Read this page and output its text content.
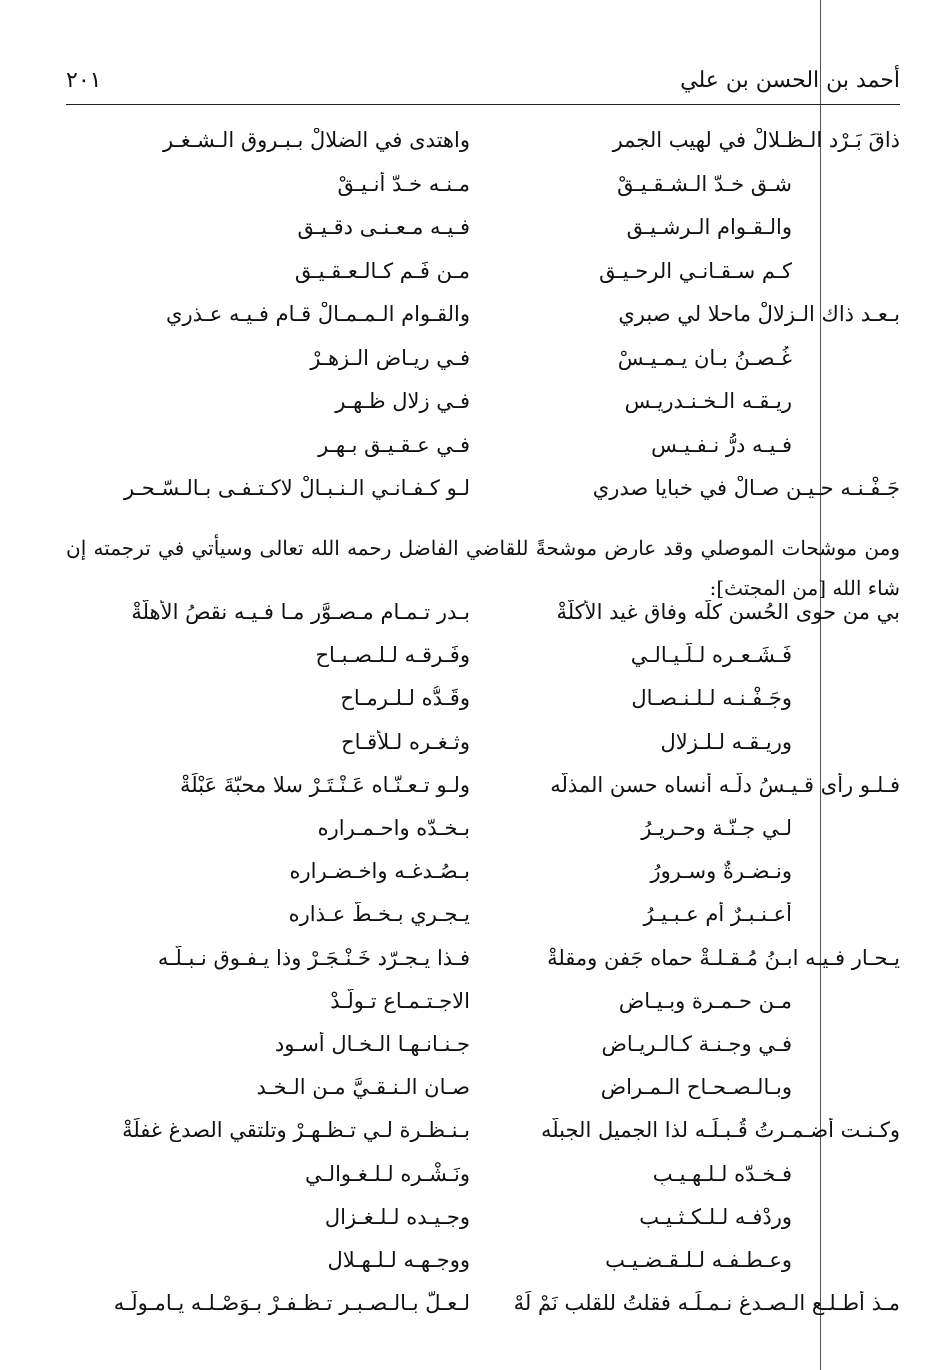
أحمد بن الحسن بن علي
٢٠١
ذاقَ بَـرْد الـظـلالْ في لهيب الجمرِ
واهتدى في الضلالْ بـبـروق الـشـغـر
شـق خـدّ الـشـقـيـقْ
مـنـه خـدّ أنـيـقْ
والـقـوام الـرشـيـق
فـيـه مـعـنـى دقـيـق
كـم سـقـانـي الرحـيـق
مـن فَـمٍ كـالـعـقـيـق
بـعـد ذاك الـزلالْ ماحلا لي صبري
والقـوام الـمـمـالْ قـام فـيـه عـذري
غُـصـنُ بـانٍ يـمـيـسْ
فـي ريـاض الـزهـرْ
ريـقـه الـخـنـدريـس
فـي زلال ظـهـر
فـيـه درُّ نـفـيـس
فـي عـقـيـقٍ بـهـر
جَـفْـنـه حـيـن صـالْ في خبايا صدري
لـو كـفـانـي الـنـبـالْ لاكـتـفـى بـالـسّـحـرِ
ومن موشحات الموصلي وقد عارض موشحةً للقاضي الفاضل رحمه الله تعالى وسيأتي في ترجمته إن شاء الله [من المجتث]:
بي من حوى الحُسن كلّه وفاق غيد الأكلّةْ
بـدر تـمـام مـصـوَّر مـا فـيـه نقصُ الأهلّةْ
فَـشَـعـره لـلّـيـالـي
وفَـرقـه لـلـصـبـاحِ
وجَـفْـنـه لـلـنـصـال
وقَـدُّه لـلـرمـاح
وريـقـه لـلـزلال
وثـغـره لـلأقـاح
فـلـو رأى قـيـسُ دلَّـه أنساه حسن المذلَّه
ولـو تـعـنّـاه عَـنْـتَـرْ سلا محبّةَ عَبْلَةْ
لـي جـنّـة وحـريـرُ
بـخـدّه واحـمـرارِه
ونـضـرةٌ وسـرورُ
بـصُـدغـه واخـضـرارِه
أعـنـبـرٌ أم عـبـيـرُ
يـجـري بـخـطّ عـذارِه
يـحـار فـيـه ابـنُ مُـقـلـةْ حماه جَفن ومقلةْ
فـذا يـجـرّد خَـنْـجَـرْ وذا يـفـوق نـبـلّـه
مـن حـمـرة وبـيـاض
الاجـتـمـاع تـولّـدْ
فـي وجـنـة كـالـريـاض
جـنـانـهـا الـخـال أسـود
وبـالـصـحـاح الـمـراض
صـان الـنـقـيَّ مـن الـخـد
وكـنـت أضـمـرتُ قُـبـلَـه لذا الجميل الجبلَّه
بـنـظـرة لـي تـظـهـرْ وتلتقي الصدغ غفلَةْ
فـخـدّه لـلـهـيـبِ
ونَـشْـره لـلـغـوالـي
ورِدْفـه لـلـكـثـيـب
وجـيـده لـلـغـزال
وعـطـفـه لـلـقـضـيـب
ووجـهـه لـلـهـلال
مـذ أطـلـع الـصـدغ نـمـلَـه فقلتُ للقلب نَمْ لَهْ
لـعـلّ بـالـصـبـر تـظـفـرْ بـوَصْـلـه يـامـولَّـه
